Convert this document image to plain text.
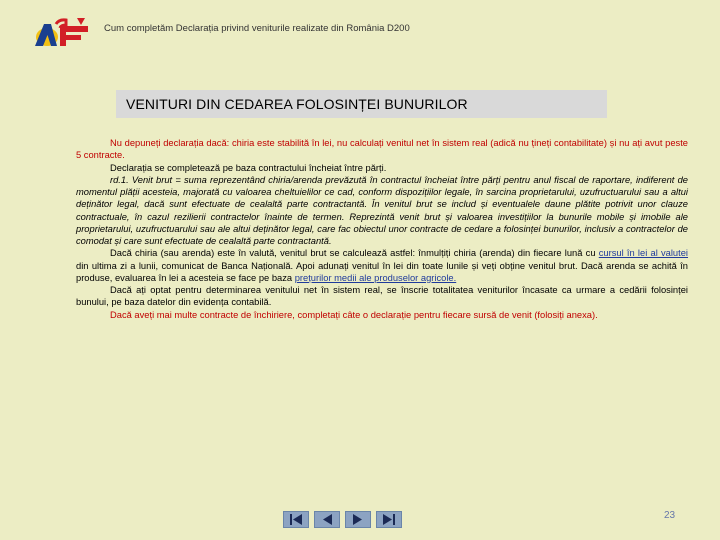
Cum completăm Declarația privind veniturile realizate din România D200
VENITURI DIN CEDAREA FOLOSINȚEI BUNURILOR

Nu depuneți declarația dacă: chiria este stabilită în lei, nu calculați venitul net în sistem real (adică nu țineți contabilitate) și nu ați avut peste 5 contracte.

Declarația se completează pe baza contractului încheiat între părți.

rd.1. Venit brut = suma reprezentând chiria/arenda prevăzută în contractul încheiat între părți pentru anul fiscal de raportare, indiferent de momentul plății acesteia, majorată cu valoarea cheltuielilor ce cad, conform dispozițiilor legale, în sarcina proprietarului, uzufructuarului sau a altui deținător legal, dacă sunt efectuate de cealaltă parte contractantă. În venitul brut se includ și eventualele daune plătite potrivit unor clauze contractuale, în cazul rezilierii contractelor înainte de termen. Reprezintă venit brut și valoarea investițiilor la bunurile mobile și imobile ale proprietarului, uzufructuarului sau ale altui deținător legal, care fac obiectul unor contracte de cedare a folosinței bunurilor, inclusiv a contractelor de comodat și care sunt efectuate de cealaltă parte contractantă.

Dacă chiria (sau arenda) este în valută, venitul brut se calculează astfel: înmulțiți chiria (arenda) din fiecare lună cu cursul în lei al valutei din ultima zi a lunii, comunicat de Banca Națională. Apoi adunați venitul în lei din toate lunile și veți obține venitul brut. Dacă arenda se achită în produse, evaluarea în lei a acesteia se face pe baza prețurilor medii ale produselor agricole.

Dacă ați optat pentru determinarea venitului net în sistem real, se înscrie totalitatea veniturilor încasate ca urmare a cedării folosinței bunului, pe baza datelor din evidența contabilă.

Dacă aveți mai multe contracte de închiriere, completați câte o declarație pentru fiecare sursă de venit (folosiți anexa).

23
